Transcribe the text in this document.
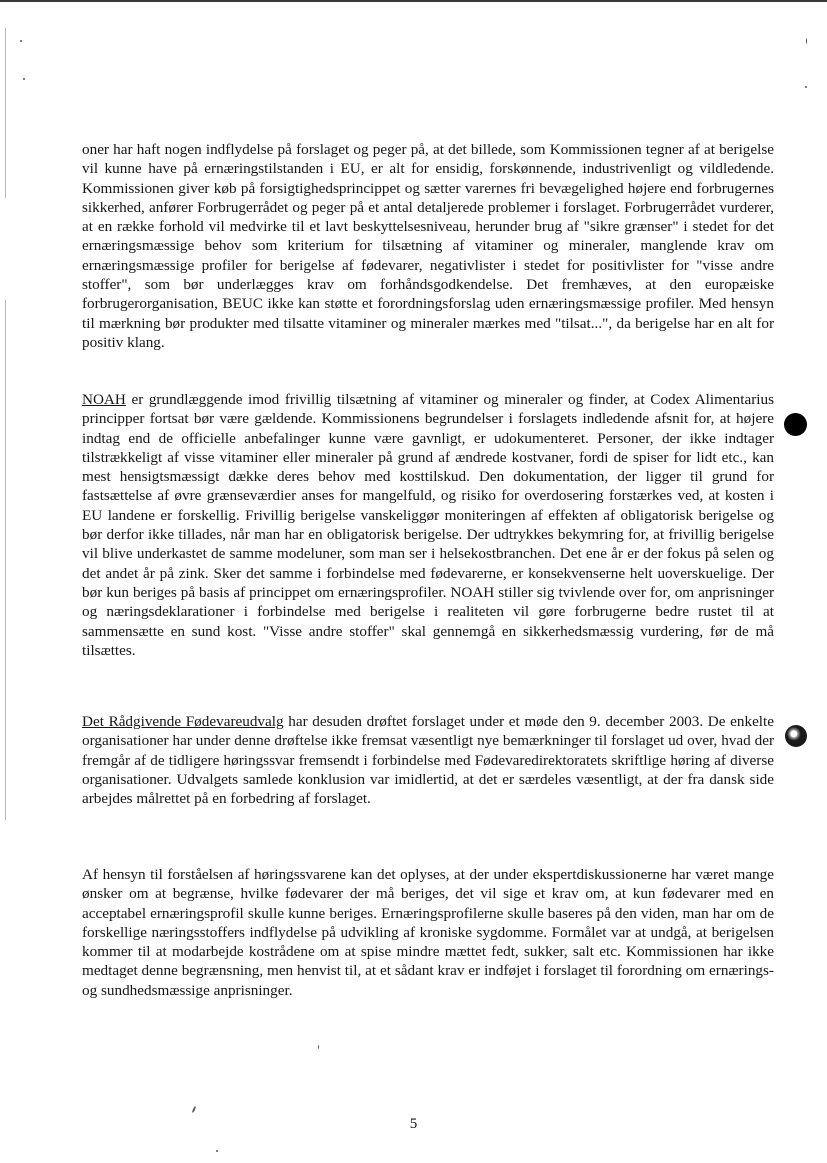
oner har haft nogen indflydelse på forslaget og peger på, at det billede, som Kommissionen tegner af at berigelse vil kunne have på ernæringstilstanden i EU, er alt for ensidig, forskønnende, industrivenligt og vildledende. Kommissionen giver køb på forsigtighedsprincippet og sætter varernes fri bevægelighed højere end forbrugernes sikkerhed, anfører Forbrugerrådet og peger på et antal detaljerede problemer i forslaget. Forbrugerrådet vurderer, at en række forhold vil medvirke til et lavt beskyttelsesniveau, herunder brug af "sikre grænser" i stedet for det ernæringsmæssige behov som kriterium for tilsætning af vitaminer og mineraler, manglende krav om ernæringsmæssige profiler for berigelse af fødevarer, negativlister i stedet for positivlister for "visse andre stoffer", som bør underlægges krav om forhåndsgodkendelse. Det fremhæves, at den europæiske forbrugerorganisation, BEUC ikke kan støtte et forordningsforslag uden ernæringsmæssige profiler. Med hensyn til mærkning bør produkter med tilsatte vitaminer og mineraler mærkes med "tilsat...", da berigelse har en alt for positiv klang.

NOAH er grundlæggende imod frivillig tilsætning af vitaminer og mineraler og finder, at Codex Alimentarius principper fortsat bør være gældende. Kommissionens begrundelser i forslagets indledende afsnit for, at højere indtag end de officielle anbefalinger kunne være gavnligt, er udokumenteret. Personer, der ikke indtager tilstrækkeligt af visse vitaminer eller mineraler på grund af ændrede kostvaner, fordi de spiser for lidt etc., kan mest hensigtsmæssigt dække deres behov med kosttilskud. Den dokumentation, der ligger til grund for fastsættelse af øvre grænseværdier anses for mangelfuld, og risiko for overdosering forstærkes ved, at kosten i EU landene er forskellig. Frivillig berigelse vanskeliggør moniteringen af effekten af obligatorisk berigelse og bør derfor ikke tillades, når man har en obligatorisk berigelse. Der udtrykkes bekymring for, at frivillig berigelse vil blive underkastet de samme modeluner, som man ser i helsekostbranchen. Det ene år er der fokus på selen og det andet år på zink. Sker det samme i forbindelse med fødevarerne, er konsekvenserne helt uoverskuelige. Der bør kun beriges på basis af princippet om ernæringsprofiler. NOAH stiller sig tvivlende over for, om anprisninger og næringsdeklarationer i forbindelse med berigelse i realiteten vil gøre forbrugerne bedre rustet til at sammensætte en sund kost. "Visse andre stoffer" skal gennemgå en sikkerhedsmæssig vurdering, før de må tilsættes.

Det Rådgivende Fødevareudvalg har desuden drøftet forslaget under et møde den 9. december 2003. De enkelte organisationer har under denne drøftelse ikke fremsat væsentligt nye bemærkninger til forslaget ud over, hvad der fremgår af de tidligere høringssvar fremsendt i forbindelse med Fødevaredirektoratets skriftlige høring af diverse organisationer. Udvalgets samlede konklusion var imidlertid, at det er særdeles væsentligt, at der fra dansk side arbejdes målrettet på en forbedring af forslaget.

Af hensyn til forståelsen af høringssvarene kan det oplyses, at der under ekspertdiskussionerne har været mange ønsker om at begrænse, hvilke fødevarer der må beriges, det vil sige et krav om, at kun fødevarer med en acceptabel ernæringsprofil skulle kunne beriges. Ernæringsprofilerne skulle baseres på den viden, man har om de forskellige næringsstoffers indflydelse på udvikling af kroniske sygdomme. Formålet var at undgå, at berigelsen kommer til at modarbejde kostrådene om at spise mindre mættet fedt, sukker, salt etc. Kommissionen har ikke medtaget denne begrænsning, men henvist til, at et sådant krav er indføjet i forslaget til forordning om ernærings- og sundhedsmæssige anprisninger.

5
